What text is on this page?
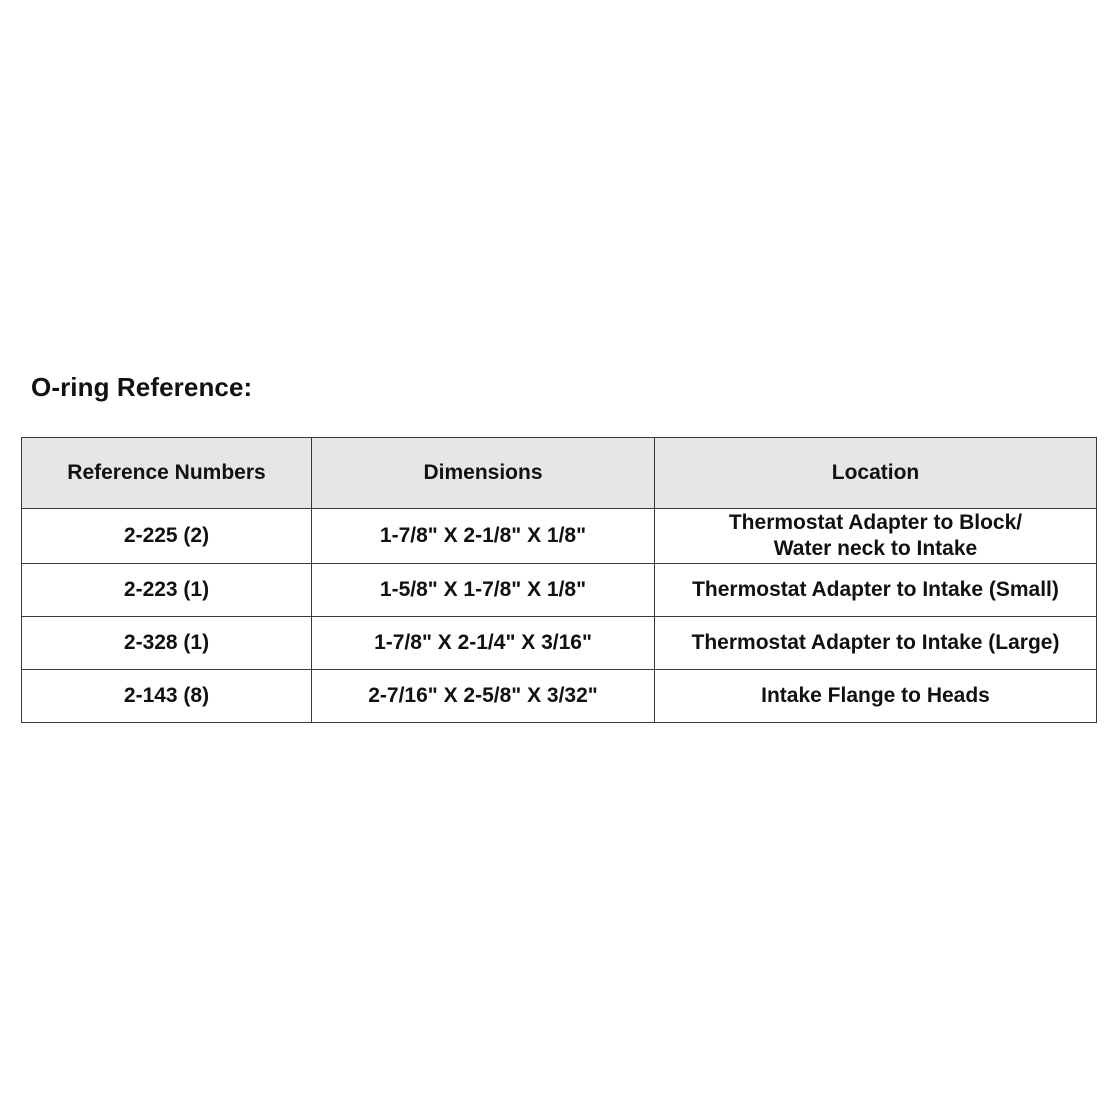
O-ring Reference:
Reference Numbers	Dimensions	Location
2-225 (2)	1-7/8" X 2-1/8" X 1/8"	Thermostat Adapter to Block/
Water neck to Intake

2-223 (1)	1-5/8" X 1-7/8" X 1/8"	Thermostat Adapter to Intake (Small)
2-328 (1)	1-7/8" X 2-1/4" X 3/16"	Thermostat Adapter to Intake (Large)
2-143 (8)	2-7/16" X 2-5/8" X 3/32"	Intake Flange to Heads
